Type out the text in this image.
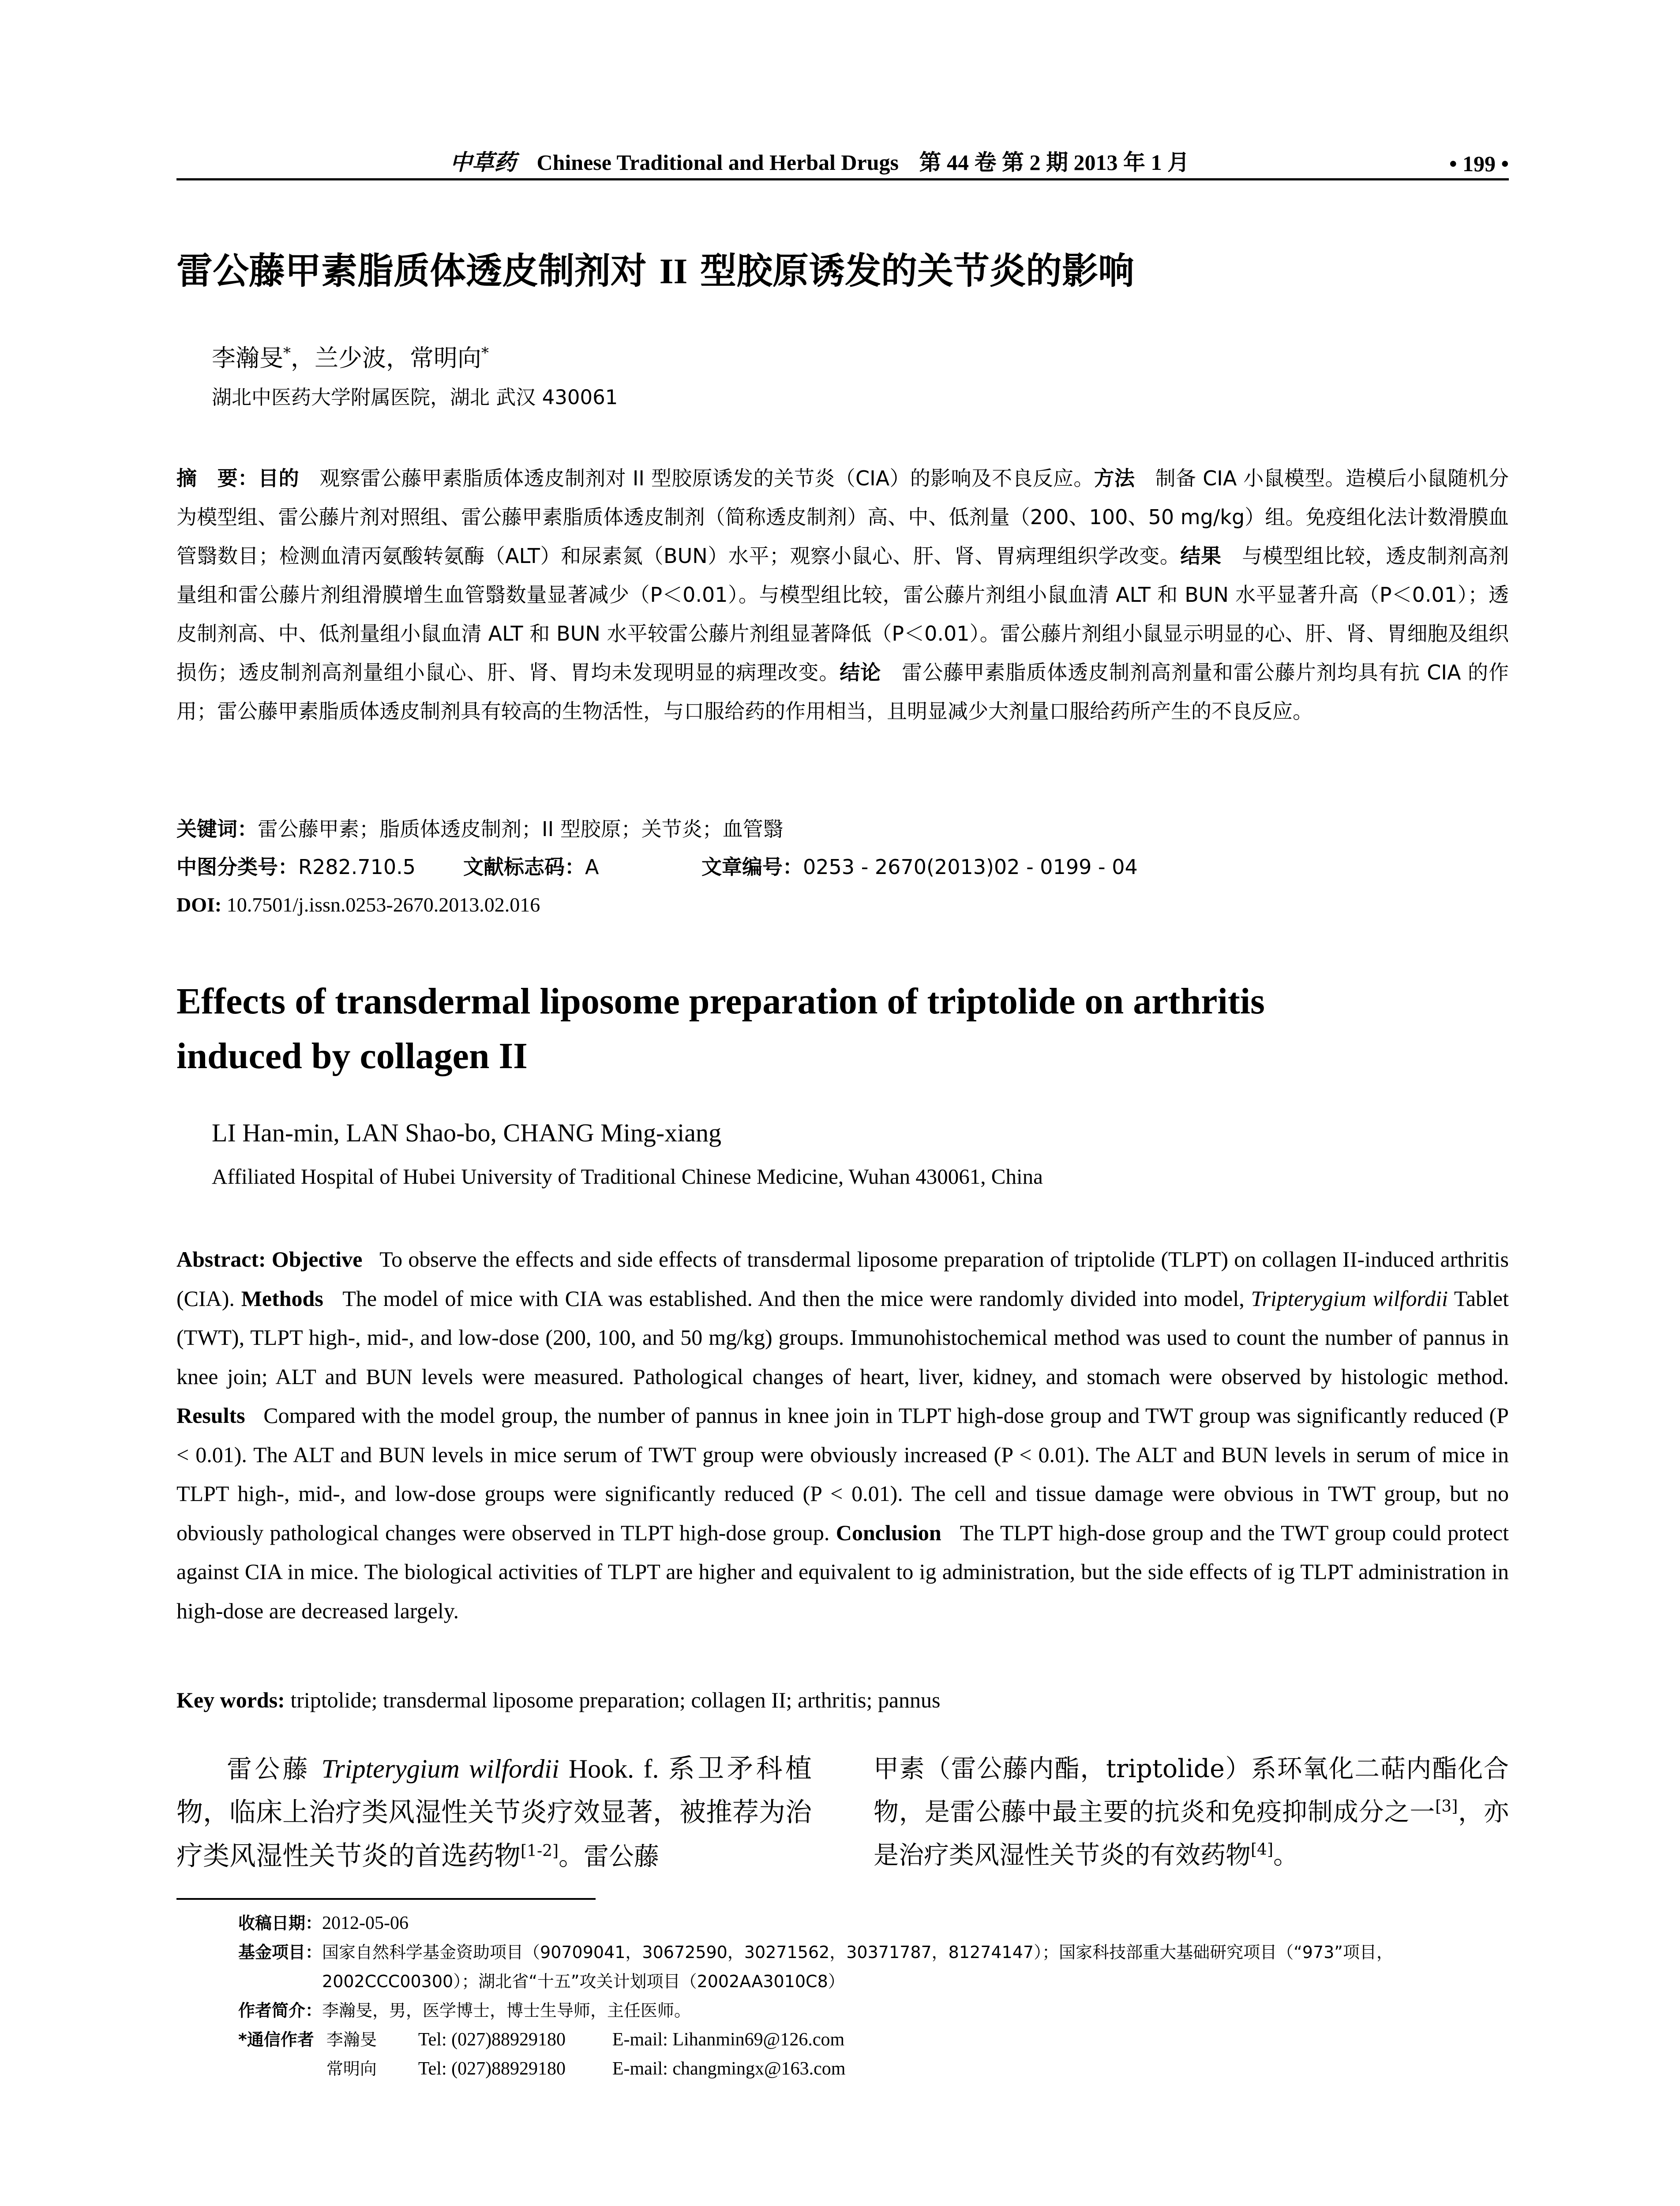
中草药 Chinese Traditional and Herbal Drugs 第 44 卷 第 2 期 2013 年 1 月	• 199 •
雷公藤甲素脂质体透皮制剂对 II 型胶原诱发的关节炎的影响
李瀚旻*，兰少波，常明向*
湖北中医药大学附属医院，湖北 武汉 430061
摘　要：目的　观察雷公藤甲素脂质体透皮制剂对 II 型胶原诱发的关节炎（CIA）的影响及不良反应。方法　制备 CIA 小鼠模型。造模后小鼠随机分为模型组、雷公藤片剂对照组、雷公藤甲素脂质体透皮制剂（简称透皮制剂）高、中、低剂量（200、100、50 mg/kg）组。免疫组化法计数滑膜血管翳数目；检测血清丙氨酸转氨酶（ALT）和尿素氮（BUN）水平；观察小鼠心、肝、肾、胃病理组织学改变。结果　与模型组比较，透皮制剂高剂量组和雷公藤片剂组滑膜增生血管翳数量显著减少（P＜0.01）。与模型组比较，雷公藤片剂组小鼠血清 ALT 和 BUN 水平显著升高（P＜0.01）；透皮制剂高、中、低剂量组小鼠血清 ALT 和 BUN 水平较雷公藤片剂组显著降低（P＜0.01）。雷公藤片剂组小鼠显示明显的心、肝、肾、胃细胞及组织损伤；透皮制剂高剂量组小鼠心、肝、肾、胃均未发现明显的病理改变。结论　雷公藤甲素脂质体透皮制剂高剂量和雷公藤片剂均具有抗 CIA 的作用；雷公藤甲素脂质体透皮制剂具有较高的生物活性，与口服给药的作用相当，且明显减少大剂量口服给药所产生的不良反应。
关键词： 雷公藤甲素；脂质体透皮制剂；II 型胶原；关节炎；血管翳
中图分类号：R282.710.5	文献标志码：A	文章编号：0253 - 2670(2013)02 - 0199 - 04
DOI: 10.7501/j.issn.0253-2670.2013.02.016
Effects of transdermal liposome preparation of triptolide on arthritis
induced by collagen II
LI Han-min, LAN Shao-bo, CHANG Ming-xiang
Affiliated Hospital of Hubei University of Traditional Chinese Medicine, Wuhan 430061, China
Abstract: Objective   To observe the effects and side effects of transdermal liposome preparation of triptolide (TLPT) on collagen II-induced arthritis (CIA). Methods   The model of mice with CIA was established. And then the mice were randomly divided into model, Tripterygium wilfordii Tablet (TWT), TLPT high-, mid-, and low-dose (200, 100, and 50 mg/kg) groups. Immunohistochemical method was used to count the number of pannus in knee join; ALT and BUN levels were measured. Pathological changes of heart, liver, kidney, and stomach were observed by histologic method. Results   Compared with the model group, the number of pannus in knee join in TLPT high-dose group and TWT group was significantly reduced (P < 0.01). The ALT and BUN levels in mice serum of TWT group were obviously increased (P < 0.01). The ALT and BUN levels in serum of mice in TLPT high-, mid-, and low-dose groups were significantly reduced (P < 0.01). The cell and tissue damage were obvious in TWT group, but no obviously pathological changes were observed in TLPT high-dose group. Conclusion   The TLPT high-dose group and the TWT group could protect against CIA in mice. The biological activities of TLPT are higher and equivalent to ig administration, but the side effects of ig TLPT administration in high-dose are decreased largely.
Key words: triptolide; transdermal liposome preparation; collagen II; arthritis; pannus
雷公藤 Tripterygium wilfordii Hook. f. 系卫矛科植物，临床上治疗类风湿性关节炎疗效显著，被推荐为治疗类风湿性关节炎的首选药物[1-2]。雷公藤
甲素（雷公藤内酯，triptolide）系环氧化二萜内酯化合物，是雷公藤中最主要的抗炎和免疫抑制成分之一[3]，亦是治疗类风湿性关节炎的有效药物[4]。
收稿日期： 2012-05-06
基金项目： 国家自然科学基金资助项目（90709041，30672590，30271562，30371787，81274147）；国家科技部重大基础研究项目（“973”项目，2002CCC00300）；湖北省“十五”攻关计划项目（2002AA3010C8）
作者简介： 李瀚旻，男，医学博士，博士生导师，主任医师。
*通信作者 李瀚旻	Tel: (027)88929180	E-mail: Lihanmin69@126.com
常明向	Tel: (027)88929180	E-mail: changmingx@163.com
